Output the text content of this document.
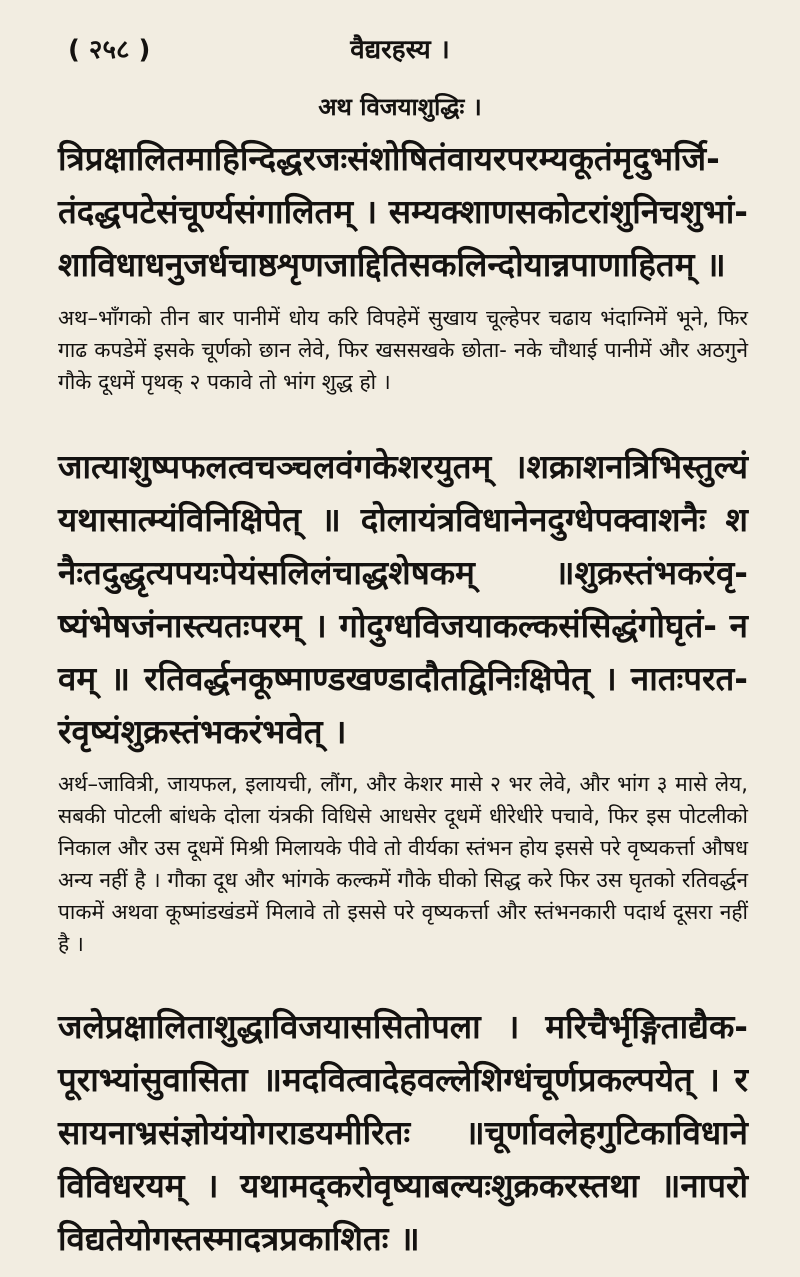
( २५८ )	वैद्यरहस्य ।
अथ विजयाशुद्धिः ।

त्रिप्रक्षालितमाहिन्दिद्धरजःसंशोषितंवायरपरम्यकूतंमृदुभर्जि- तंदद्धपटेसंचूर्ण्यसंगालितम् । सम्यक्शाणसकोटरांशुनिचशुभां- शाविधाधनुजर्धचाष्ठशृणजाद्दितिसकलिन्दोयान्नपाणाहितम् ॥

अथ–भाँगको तीन बार पानीमें धोय करि विपहेमें सुखाय चूल्हेपर चढाय भंदाग्निमें भूने, फिर गाढ कपडेमें इसके चूर्णको छान लेवे, फिर खससखके छोता- नके चौथाई पानीमें और अठगुने गौके दूधमें पृथक् २ पकावे तो भांग शुद्ध हो ।

जात्याशुष्पफलत्वचञ्चलवंगकेशरयुतम् ।शक्राशनत्रिभिस्तुल्यं यथासात्म्यंविनिक्षिपेत् ॥ दोलायंत्रविधानेनदुग्धेपक्वाशनैः शनैःतदुद्धृत्यपयःपेयंसलिलंचाद्धशेषकम् ॥शुक्रस्तंभकरंवृ- ष्यंभेषजंनास्त्यतःपरम् । गोदुग्धविजयाकल्कसंसिद्धंगोघृतं- नवम् ॥ रतिवर्द्धनकूष्माण्डखण्डादौतद्विनिःक्षिपेत् । नातःपरत- रंवृष्यंशुक्रस्तंभकरंभवेत् ।

अर्थ–जावित्री, जायफल, इलायची, लौंग, और केशर मासे २ भर लेवे, और भांग ३ मासे लेय, सबकी पोटली बांधके दोला यंत्रकी विधिसे आधसेर दूधमें धीरेधीरे पचावे, फिर इस पोटलीको निकाल और उस दूधमें मिश्री मिलायके पीवे तो वीर्यका स्तंभन होय इससे परे वृष्यकर्त्ता औषध अन्य नहीं है । गौका दूध और भांगके कल्कमें गौके घीको सिद्ध करे फिर उस घृतको रतिवर्द्धन पाकमें अथवा कूष्मांडखंडमें मिलावे तो इससे परे वृष्यकर्त्ता और स्तंभनकारी पदार्थ दूसरा नहीं है ।

जलेप्रक्षालिताशुद्धाविजयाससितोपला । मरिचैर्भृङ्गिताद्यैक- पूराभ्यांसुवासिता ॥मदवित्वादेहवल्लेशिग्धंचूर्णप्रकल्पयेत् । रसायनाभ्रसंज्ञोयंयोगराडयमीरितः ॥चूर्णावलेहगुटिकाविधाने विविधरयम् । यथामद्करोवृष्याबल्यःशुक्रकरस्तथा ॥नापरो विद्यतेयोगस्तस्मादत्रप्रकाशितः ॥
